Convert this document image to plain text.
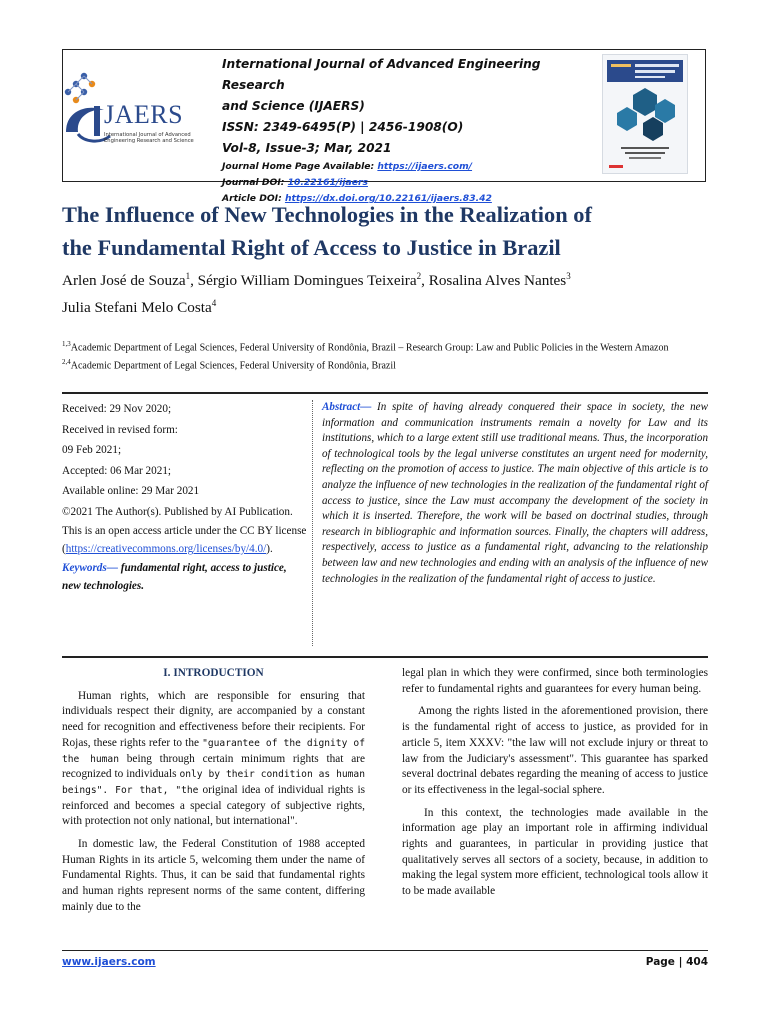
JAERS
International Journal of Advanced
Engineering Research and Science
International Journal of Advanced Engineering Research
and Science (IJAERS)
ISSN: 2349-6495(P) | 2456-1908(O)
Vol-8, Issue-3; Mar, 2021
Journal Home Page Available: https://ijaers.com/
Journal DOI: 10.22161/ijaers
Article DOI: https://dx.doi.org/10.22161/ijaers.83.42
The Influence of New Technologies in the Realization of
the Fundamental Right of Access to Justice in Brazil
Arlen José de Souza$^1$, Sérgio William Domingues Teixeira$^2$, Rosalina Alves Nantes$^3$
Julia Stefani Melo Costa$^4$
$^{1,3}$Academic Department of Legal Sciences, Federal University of Rondônia, Brazil – Research Group: Law and Public Policies in the Western Amazon
$^{2,4}$Academic Department of Legal Sciences, Federal University of Rondônia, Brazil
Received: 29 Nov 2020;
Received in revised form:
09 Feb 2021;
Accepted: 06 Mar 2021;
Available online: 29 Mar 2021
©2021 The Author(s). Published by AI Publication. This is an open access article under the CC BY license (https://creativecommons.org/licenses/by/4.0/).
Keywords— fundamental right, access to justice, new technologies.
Abstract— In spite of having already conquered their space in society, the new information and communication instruments remain a novelty for Law and its institutions, which to a large extent still use traditional means. Thus, the incorporation of technological tools by the legal universe constitutes an urgent need for modernity, reflecting on the promotion of access to justice. The main objective of this article is to analyze the influence of new technologies in the realization of the fundamental right of access to justice, since the Law must accompany the development of the society in which it is inserted. Therefore, the work will be based on doctrinal studies, through research in bibliographic and information sources. Finally, the chapters will address, respectively, access to justice as a fundamental right, advancing to the relationship between law and new technologies and ending with an analysis of the influence of new technologies in the realization of the fundamental right of access to justice.
I. INTRODUCTION

Human rights, which are responsible for ensuring that individuals respect their dignity, are accompanied by a constant need for recognition and effectiveness before their recipients. For Rojas, these rights refer to the "guarantee of the dignity of the human being through certain minimum rights that are recognized to individuals only by their condition as human beings". For that, "the original idea of individual rights is reinforced and becomes a special category of subjective rights, with protection not only national, but international".

In domestic law, the Federal Constitution of 1988 accepted Human Rights in its article 5, welcoming them under the name of Fundamental Rights. Thus, it can be said that fundamental rights and human rights represent norms of the same content, differing mainly due to the

legal plan in which they were confirmed, since both terminologies refer to fundamental rights and guarantees for every human being.

Among the rights listed in the aforementioned provision, there is the fundamental right of access to justice, as provided for in article 5, item XXXV: "the law will not exclude injury or threat to law from the Judiciary's assessment". This guarantee has sparked several doctrinal debates regarding the meaning of access to justice or its effectiveness in the legal-social sphere.

In this context, the technologies made available in the information age play an important role in affirming individual rights and guarantees, in particular in providing justice that qualitatively serves all sectors of a society, because, in addition to making the legal system more efficient, technological tools allow it to be made available

www.ijaers.com	Page | 404
